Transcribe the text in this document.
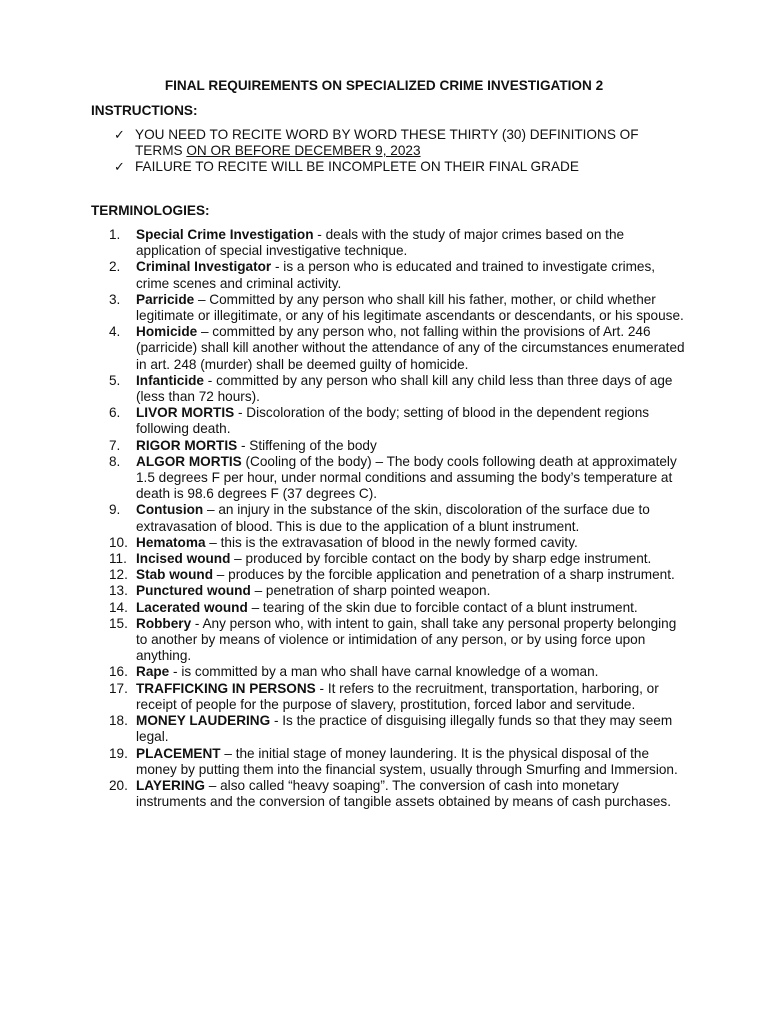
FINAL REQUIREMENTS ON SPECIALIZED CRIME INVESTIGATION 2
INSTRUCTIONS:
✓ YOU NEED TO RECITE WORD BY WORD THESE THIRTY (30) DEFINITIONS OF TERMS ON OR BEFORE DECEMBER 9, 2023
✓ FAILURE TO RECITE WILL BE INCOMPLETE ON THEIR FINAL GRADE
TERMINOLOGIES:
1.	Special Crime Investigation - deals with the study of major crimes based on the application of special investigative technique.
2.	Criminal Investigator - is a person who is educated and trained to investigate crimes, crime scenes and criminal activity.
3.	Parricide – Committed by any person who shall kill his father, mother, or child whether legitimate or illegitimate, or any of his legitimate ascendants or descendants, or his spouse.
4.	Homicide – committed by any person who, not falling within the provisions of Art. 246 (parricide) shall kill another without the attendance of any of the circumstances enumerated in art. 248 (murder) shall be deemed guilty of homicide.
5.	Infanticide - committed by any person who shall kill any child less than three days of age (less than 72 hours).
6.	LIVOR MORTIS - Discoloration of the body; setting of blood in the dependent regions following death.
7.	RIGOR MORTIS - Stiffening of the body
8.	ALGOR MORTIS (Cooling of the body) – The body cools following death at approximately 1.5 degrees F per hour, under normal conditions and assuming the body’s temperature at death is 98.6 degrees F (37 degrees C).
9.	Contusion – an injury in the substance of the skin, discoloration of the surface due to extravasation of blood. This is due to the application of a blunt instrument.
10. Hematoma – this is the extravasation of blood in the newly formed cavity.
11. Incised wound – produced by forcible contact on the body by sharp edge instrument.
12. Stab wound – produces by the forcible application and penetration of a sharp instrument.
13. Punctured wound – penetration of sharp pointed weapon.
14. Lacerated wound – tearing of the skin due to forcible contact of a blunt instrument.
15. Robbery - Any person who, with intent to gain, shall take any personal property belonging to another by means of violence or intimidation of any person, or by using force upon anything.
16. Rape - is committed by a man who shall have carnal knowledge of a woman.
17. TRAFFICKING IN PERSONS - It refers to the recruitment, transportation, harboring, or receipt of people for the purpose of slavery, prostitution, forced labor and servitude.
18. MONEY LAUDERING - Is the practice of disguising illegally funds so that they may seem legal.
19. PLACEMENT – the initial stage of money laundering. It is the physical disposal of the money by putting them into the financial system, usually through Smurfing and Immersion.
20. LAYERING – also called “heavy soaping”. The conversion of cash into monetary instruments and the conversion of tangible assets obtained by means of cash purchases.
